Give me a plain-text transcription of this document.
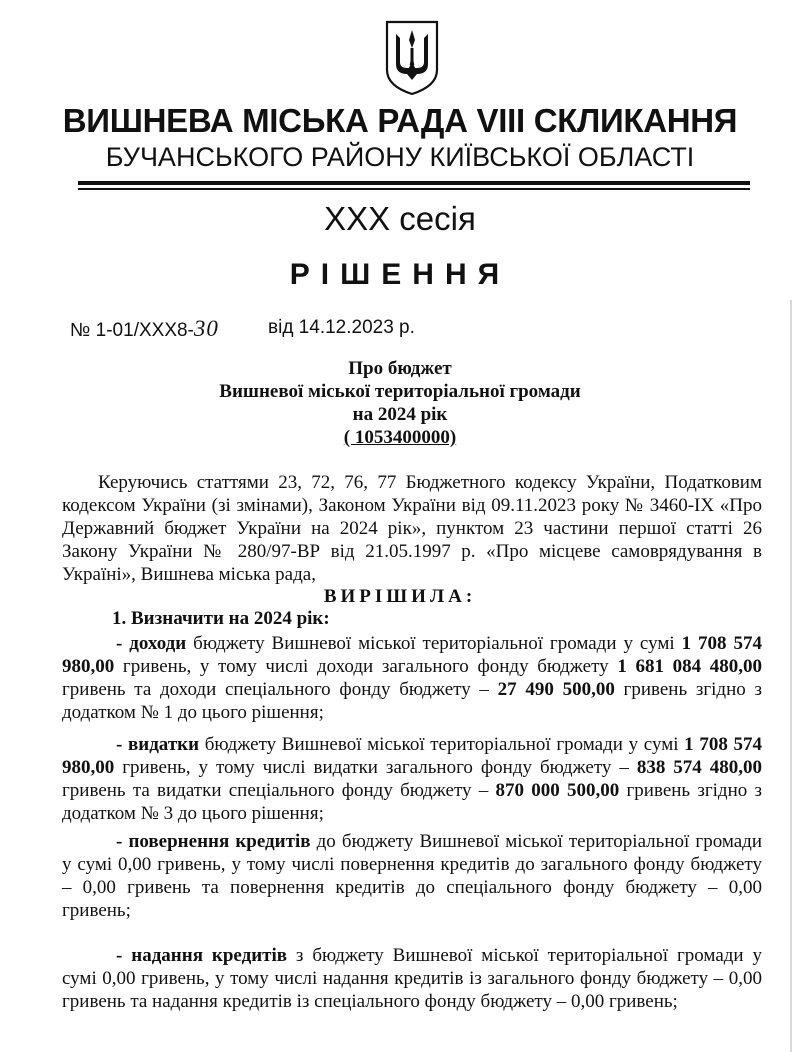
ВИШНЕВА МІСЬКА РАДА VIII СКЛИКАННЯ
БУЧАНСЬКОГО РАЙОНУ КИЇВСЬКОЇ ОБЛАСТІ
XXX сесія
РІШЕННЯ
№ 1-01/XXX8-30	від 14.12.2023 р.
Про бюджет
Вишневої міської територіальної громади
на 2024 рік
( 1053400000)
Керуючись статтями 23, 72, 76, 77 Бюджетного кодексу України, Податковим кодексом України (зі змінами), Законом України від 09.11.2023 року № 3460-IX «Про Державний бюджет України на 2024 рік», пунктом 23 частини першої статті 26 Закону України № 280/97-ВР від 21.05.1997 р. «Про місцеве самоврядування в Україні», Вишнева міська рада,
ВИРІШИЛА:
1. Визначити на 2024 рік:
- доходи бюджету Вишневої міської територіальної громади у сумі 1 708 574 980,00 гривень, у тому числі доходи загального фонду бюджету 1 681 084 480,00 гривень та доходи спеціального фонду бюджету – 27 490 500,00 гривень згідно з додатком № 1 до цього рішення;
- видатки бюджету Вишневої міської територіальної громади у сумі 1 708 574 980,00 гривень, у тому числі видатки загального фонду бюджету – 838 574 480,00 гривень та видатки спеціального фонду бюджету – 870 000 500,00 гривень згідно з додатком № 3 до цього рішення;
- повернення кредитів до бюджету Вишневої міської територіальної громади у сумі 0,00 гривень, у тому числі повернення кредитів до загального фонду бюджету – 0,00 гривень та повернення кредитів до спеціального фонду бюджету – 0,00 гривень;
- надання кредитів з бюджету Вишневої міської територіальної громади у сумі 0,00 гривень, у тому числі надання кредитів із загального фонду бюджету – 0,00 гривень та надання кредитів із спеціального фонду бюджету – 0,00 гривень;
